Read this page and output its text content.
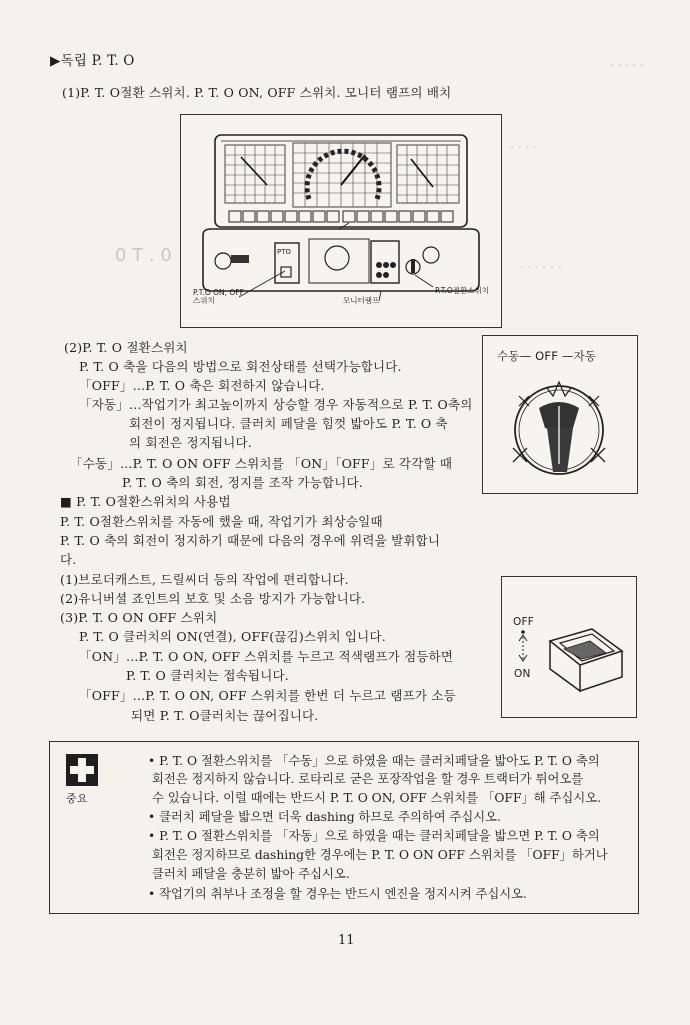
- - - - -
- - - -
- - - - - -
0 T . 0
▶독립 P. T. O
(1)P. T. O절환 스위치. P. T. O ON, OFF 스위치. 모니터 램프의 배치
PTO
P.T.O ON, OFF
스위치	모니터램프
P.T.O절환스위치
(2)P. T. O 절환스위치
P. T. O 축을 다음의 방법으로 회전상태를 선택가능합니다.
「OFF」…P. T. O 축은 회전하지 않습니다.
「자동」…작업기가 최고높이까지 상승할 경우 자동적으로 P. T. O축의
회전이 정지됩니다. 클러치 페달을 힘껏 밟아도 P. T. O 축
의 회전은 정지됩니다.
「수동」…P. T. O ON OFF 스위치를 「ON」「OFF」로 각각할 때
P. T. O 축의 회전, 정지를 조작 가능합니다.
수동— OFF —자동
■ P. T. O절환스위치의 사용법
P. T. O절환스위치를 자동에 했을 때, 작업기가 최상승일때
P. T. O 축의 회전이 정지하기 때문에 다음의 경우에 위력을 발휘합니
다.
(1)브로더캐스트, 드릴씨더 등의 작업에 편리합니다.
(2)유니버셜 죠인트의 보호 및 소음 방지가 가능합니다.
(3)P. T. O ON OFF 스위치
P. T. O 클러치의 ON(연결), OFF(끊김)스위치 입니다.
「ON」…P. T. O ON, OFF 스위치를 누르고 적색램프가 점등하면
P. T. O 클러치는 접속됩니다.
「OFF」…P. T. O ON, OFF 스위치를 한번 더 누르고 램프가 소등
되면 P. T. O클러치는 끊어집니다.
OFF
ON
중요
• P. T. O 절환스위치를 「수동」으로 하였을 때는 클러치페달을 밟아도 P. T. O 축의
회전은 정지하지 않습니다. 로타리로 굳은 포장작업을 할 경우 트랙터가 튀어오를
수 있습니다. 이럴 때에는 반드시 P. T. O ON, OFF 스위치를 「OFF」해 주십시오.
• 클러치 페달을 밟으면 더욱 dashing 하므로 주의하여 주십시오.
• P. T. O 절환스위치를 「자동」으로 하였을 때는 클러치페달을 밟으면 P. T. O 축의
회전은 정지하므로 dashing한 경우에는 P. T. O ON OFF 스위치를 「OFF」하거나
클러치 페달을 충분히 밟아 주십시오.
• 작업기의 취부나 조정을 할 경우는 반드시 엔진을 정지시켜 주십시오.
11
